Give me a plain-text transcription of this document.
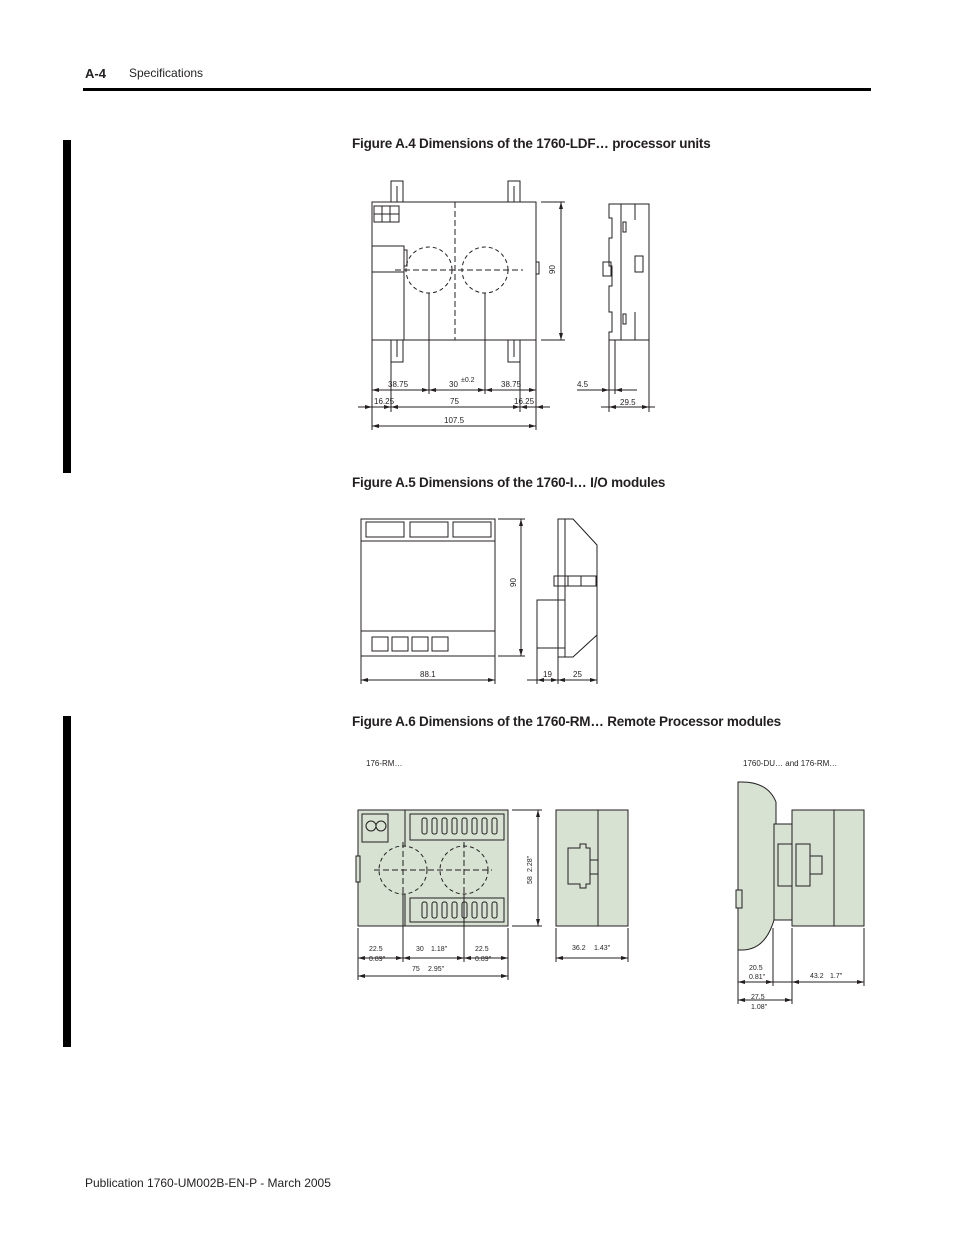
A-4 Specifications
Figure A.4 Dimensions of the 1760-LDF… processor units
38.75	30 ±0.2	38.75
16.25	75	16.25
107.5
90
4.5
29.5
Figure A.5 Dimensions of the 1760-I… I/O modules
88.1
90
19	25
Figure A.6 Dimensions of the 1760-RM… Remote Processor modules
176-RM…	1760-DU… and 176-RM…
22.5
0.89"
30 1.18"	22.5
0.89"
75 2.95"
58
2.28"
36.2 1.43"
20.5
0.81"	43.2 1.7"
27.5
1.08"
Publication 1760-UM002B-EN-P - March 2005
